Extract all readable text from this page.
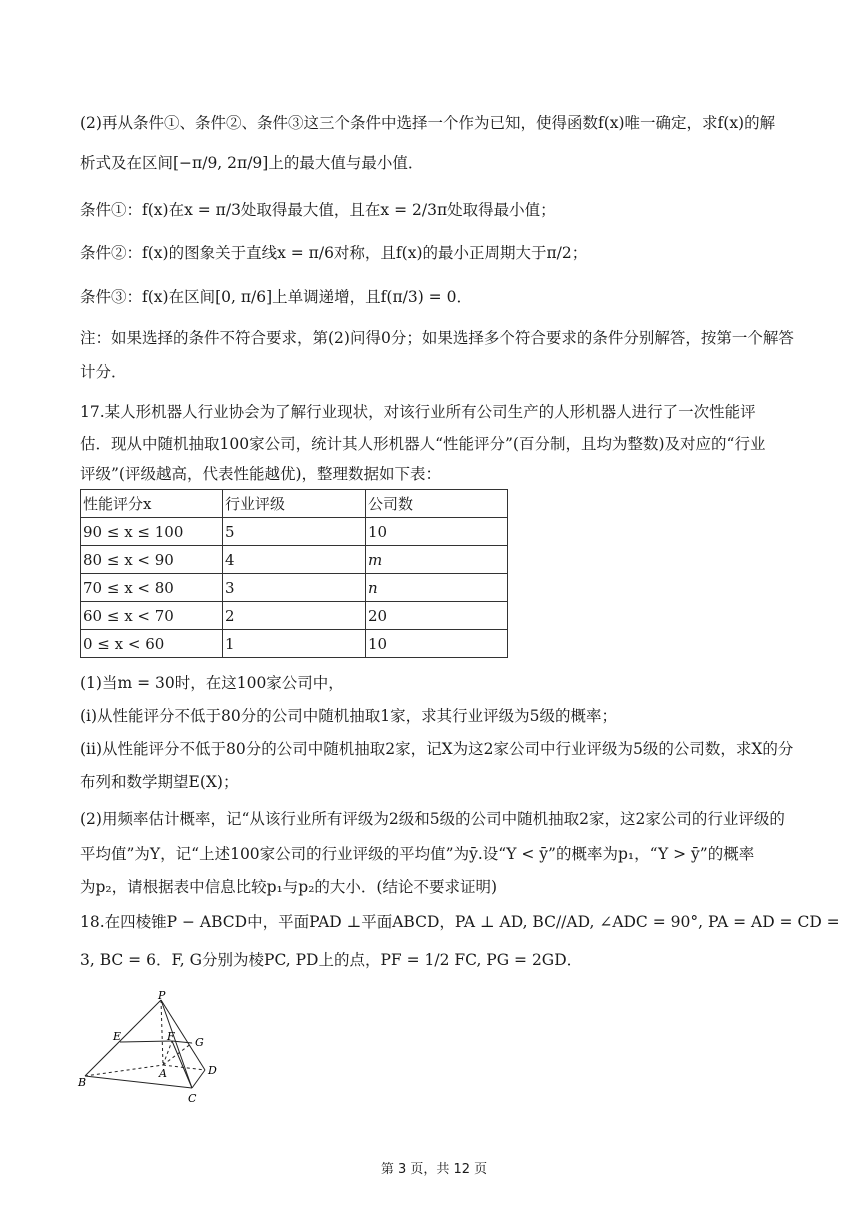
(2)再从条件①、条件②、条件③这三个条件中选择一个作为已知，使得函数f(x)唯一确定，求f(x)的解
析式及在区间[−π/9, 2π/9]上的最大值与最小值．
条件①：f(x)在x = π/3处取得最大值，且在x = 2/3π处取得最小值；
条件②：f(x)的图象关于直线x = π/6对称，且f(x)的最小正周期大于π/2；
条件③：f(x)在区间[0, π/6]上单调递增，且f(π/3) = 0．
注：如果选择的条件不符合要求，第(2)问得0分；如果选择多个符合要求的条件分别解答，按第一个解答
计分．
17.某人形机器人行业协会为了解行业现状，对该行业所有公司生产的人形机器人进行了一次性能评
估．现从中随机抽取100家公司，统计其人形机器人“性能评分”(百分制，且均为整数)及对应的“行业
评级”(评级越高，代表性能越优)，整理数据如下表：
性能评分x	行业评级	公司数
90 ≤ x ≤ 100	5	10
80 ≤ x < 90	4	m
70 ≤ x < 80	3	n
60 ≤ x < 70	2	20
0 ≤ x < 60	1	10
(1)当m = 30时，在这100家公司中，
(i)从性能评分不低于80分的公司中随机抽取1家，求其行业评级为5级的概率；
(ii)从性能评分不低于80分的公司中随机抽取2家，记X为这2家公司中行业评级为5级的公司数，求X的分
布列和数学期望E(X)；
(2)用频率估计概率，记“从该行业所有评级为2级和5级的公司中随机抽取2家，这2家公司的行业评级的
平均值”为Y，记“上述100家公司的行业评级的平均值”为ȳ.设“Y < ȳ”的概率为p₁，“Y > ȳ”的概率
为p₂，请根据表中信息比较p₁与p₂的大小．(结论不要求证明)
18.在四棱锥P − ABCD中，平面PAD ⊥平面ABCD，PA ⊥ AD, BC//AD, ∠ADC = 90°, PA = AD = CD =
3, BC = 6．F, G分别为棱PC, PD上的点，PF = 1/2 FC, PG = 2GD．
P
E	F G
A	D
B
C
第 3 页，共 12 页
